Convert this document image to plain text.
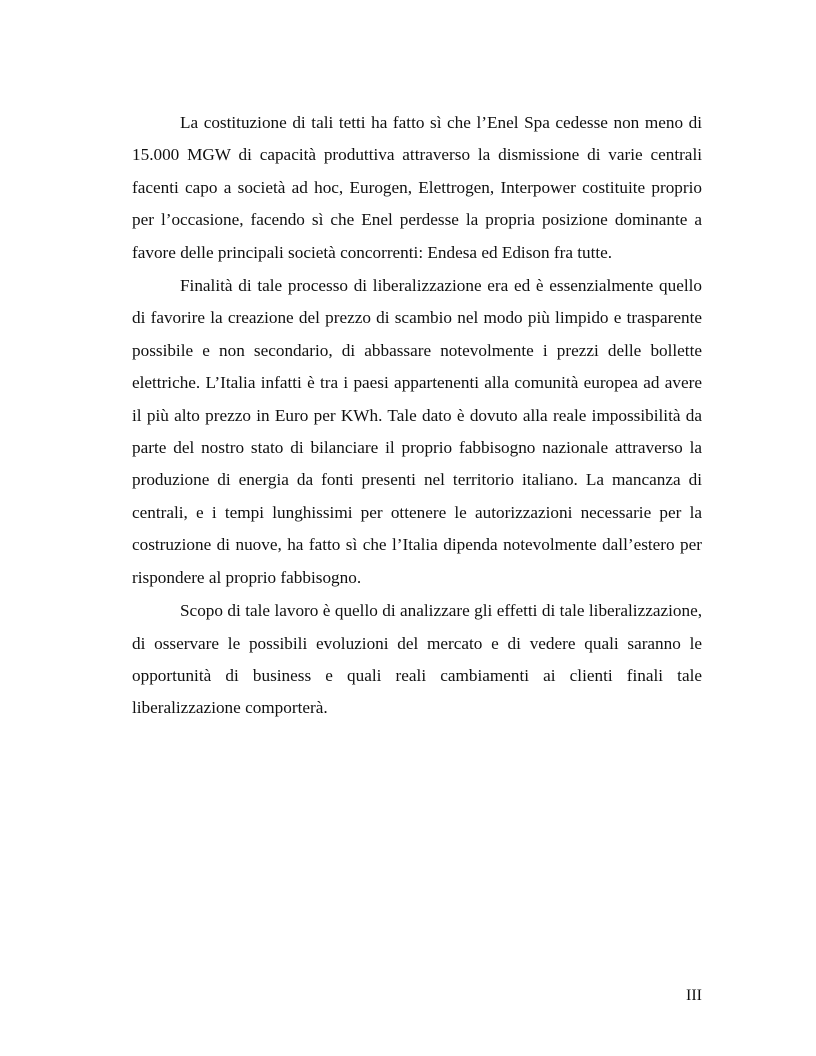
La costituzione di tali tetti ha fatto sì che l’Enel Spa cedesse non meno di 15.000 MGW di capacità produttiva attraverso la dismissione di varie centrali facenti capo a società ad hoc, Eurogen, Elettrogen, Interpower costituite proprio per l’occasione, facendo sì che Enel perdesse la propria posizione dominante a favore delle principali società concorrenti: Endesa ed Edison fra tutte.

Finalità di tale processo di liberalizzazione era ed è essenzialmente quello di favorire la creazione del prezzo di scambio nel modo più limpido e trasparente possibile e non secondario, di abbassare notevolmente i prezzi delle bollette elettriche. L’Italia infatti è tra i paesi appartenenti alla comunità europea ad avere il più alto prezzo in Euro per KWh. Tale dato è dovuto alla reale impossibilità da parte del nostro stato di bilanciare il proprio fabbisogno nazionale attraverso la produzione di energia da fonti presenti nel territorio italiano. La mancanza di centrali, e i tempi lunghissimi per ottenere le autorizzazioni necessarie per la costruzione di nuove, ha fatto sì che l’Italia dipenda notevolmente dall’estero per rispondere al proprio fabbisogno.

Scopo di tale lavoro è quello di analizzare gli effetti di tale liberalizzazione, di osservare le possibili evoluzioni del mercato e di vedere quali saranno le opportunità di business e quali reali cambiamenti ai clienti finali tale liberalizzazione comporterà.

III
